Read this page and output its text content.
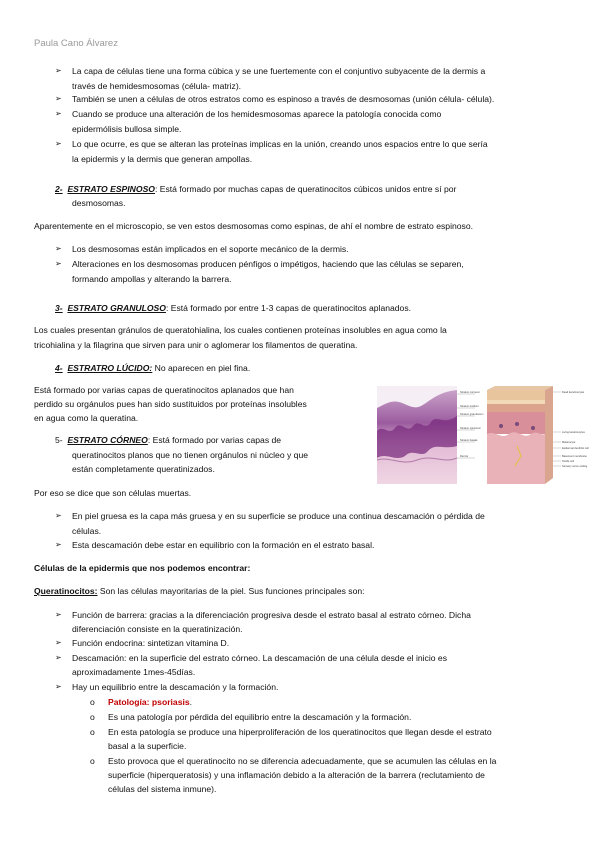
Paula Cano Álvarez
➢ La capa de células tiene una forma cúbica y se une fuertemente con el conjuntivo subyacente de la dermis a
través de hemidesmosomas (célula- matriz).
➢ También se unen a células de otros estratos como es espinoso a través de desmosomas (unión célula- célula).
➢ Cuando se produce una alteración de los hemidesmosomas aparece la patología conocida como
epidermólisis bullosa simple.
➢ Lo que ocurre, es que se alteran las proteínas implicas en la unión, creando unos espacios entre lo que sería
la epidermis y la dermis que generan ampollas.
2- ESTRATO ESPINOSO: Está formado por muchas capas de queratinocitos cúbicos unidos entre sí por
desmosomas.
Aparentemente en el microscopio, se ven estos desmosomas como espinas, de ahí el nombre de estrato espinoso.
➢ Los desmosomas están implicados en el soporte mecánico de la dermis.
➢ Alteraciones en los desmosomas producen pénfigos o impétigos, haciendo que las células se separen,
formando ampollas y alterando la barrera.
3- ESTRATO GRANULOSO: Está formado por entre 1-3 capas de queratinocitos aplanados.
Los cuales presentan gránulos de queratohialina, los cuales contienen proteínas insolubles en agua como la
tricohialina y la filagrina que sirven para unir o aglomerar los filamentos de queratina.
4- ESTRATRO LÚCIDO: No aparecen en piel fina.
Está formado por varias capas de queratinocitos aplanados que han
perdido su orgánulos pues han sido sustituidos por proteínas insolubles
en agua como la queratina.
5- ESTRATO CÓRNEO: Está formado por varias capas de
queratinocitos planos que no tienen orgánulos ni núcleo y que
están completamente queratinizados.
Por eso se dice que son células muertas.
➢ En piel gruesa es la capa más gruesa y en su superficie se produce una continua descamación o pérdida de
células.
➢ Esta descamación debe estar en equilibrio con la formación en el estrato basal.
Células de la epidermis que nos podemos encontrar:
Queratinocitos: Son las células mayoritarias de la piel. Sus funciones principales son:
➢ Función de barrera: gracias a la diferenciación progresiva desde el estrato basal al estrato córneo. Dicha
diferenciación consiste en la queratinización.
➢ Función endocrina: sintetizan vitamina D.
➢ Descamación: en la superficie del estrato córneo. La descamación de una célula desde el inicio es
aproximadamente 1mes-45días.
➢ Hay un equilibrio entre la descamación y la formación.
o Patología: psoriasis.
o Es una patología por pérdida del equilibrio entre la descamación y la formación.
o En esta patología se produce una hiperproliferación de los queratinocitos que llegan desde el estrato
basal a la superficie.
o Esto provoca que el queratinocito no se diferencia adecuadamente, que se acumulen las células en la
superficie (hiperqueratosis) y una inflamación debido a la alteración de la barrera (reclutamiento de
células del sistema inmune).
Stratum corneum
Stratum lucidum
Stratum granulosum
Stratum spinosum
Stratum basale
Dermis
Dead keratinocytes
Living keratinocytes
Melanocyte
Epidermal dendritic cell
Basement membrane
Tactile cell
Sensory nerve ending
